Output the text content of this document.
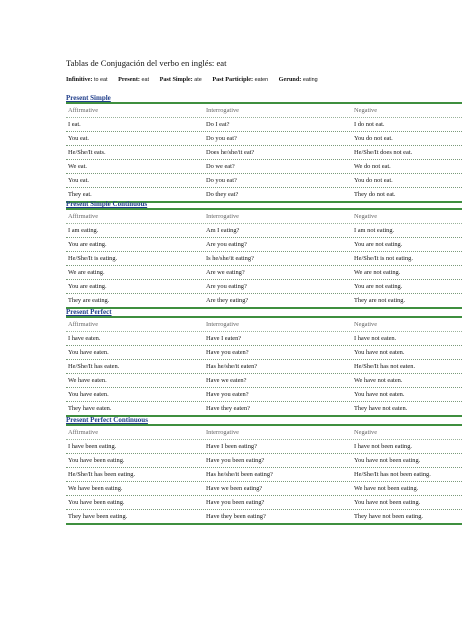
Tablas de Conjugación del verbo en inglés: eat
Infinitive: to eat Present: eat Past Simple: ate Past Participle: eaten Gerund: eating
Present Simple
Affirmative	Interrogative	Negative
I eat.	Do I eat?	I do not eat.
You eat.	Do you eat?	You do not eat.
He/She/It eats.	Does he/she/it eat?	He/She/It does not eat.
We eat.	Do we eat?	We do not eat.
You eat.	Do you eat?	You do not eat.
They eat.	Do they eat?	They do not eat.
Present Simple Continuous
Affirmative	Interrogative	Negative
I am eating.	Am I eating?	I am not eating.
You are eating.	Are you eating?	You are not eating.
He/She/It is eating.	Is he/she/it eating?	He/She/It is not eating.
We are eating.	Are we eating?	We are not eating.
You are eating.	Are you eating?	You are not eating.
They are eating.	Are they eating?	They are not eating.
Present Perfect
Affirmative	Interrogative	Negative
I have eaten.	Have I eaten?	I have not eaten.
You have eaten.	Have you eaten?	You have not eaten.
He/She/It has eaten.	Has he/she/it eaten?	He/She/It has not eaten.
We have eaten.	Have we eaten?	We have not eaten.
You have eaten.	Have you eaten?	You have not eaten.
They have eaten.	Have they eaten?	They have not eaten.
Present Perfect Continuous
Affirmative	Interrogative	Negative
I have been eating.	Have I been eating?	I have not been eating.
You have been eating.	Have you been eating?	You have not been eating.
He/She/It has been eating.	Has he/she/it been eating?	He/She/It has not been eating.
We have been eating.	Have we been eating?	We have not been eating.
You have been eating.	Have you been eating?	You have not been eating.
They have been eating.	Have they been eating?	They have not been eating.
